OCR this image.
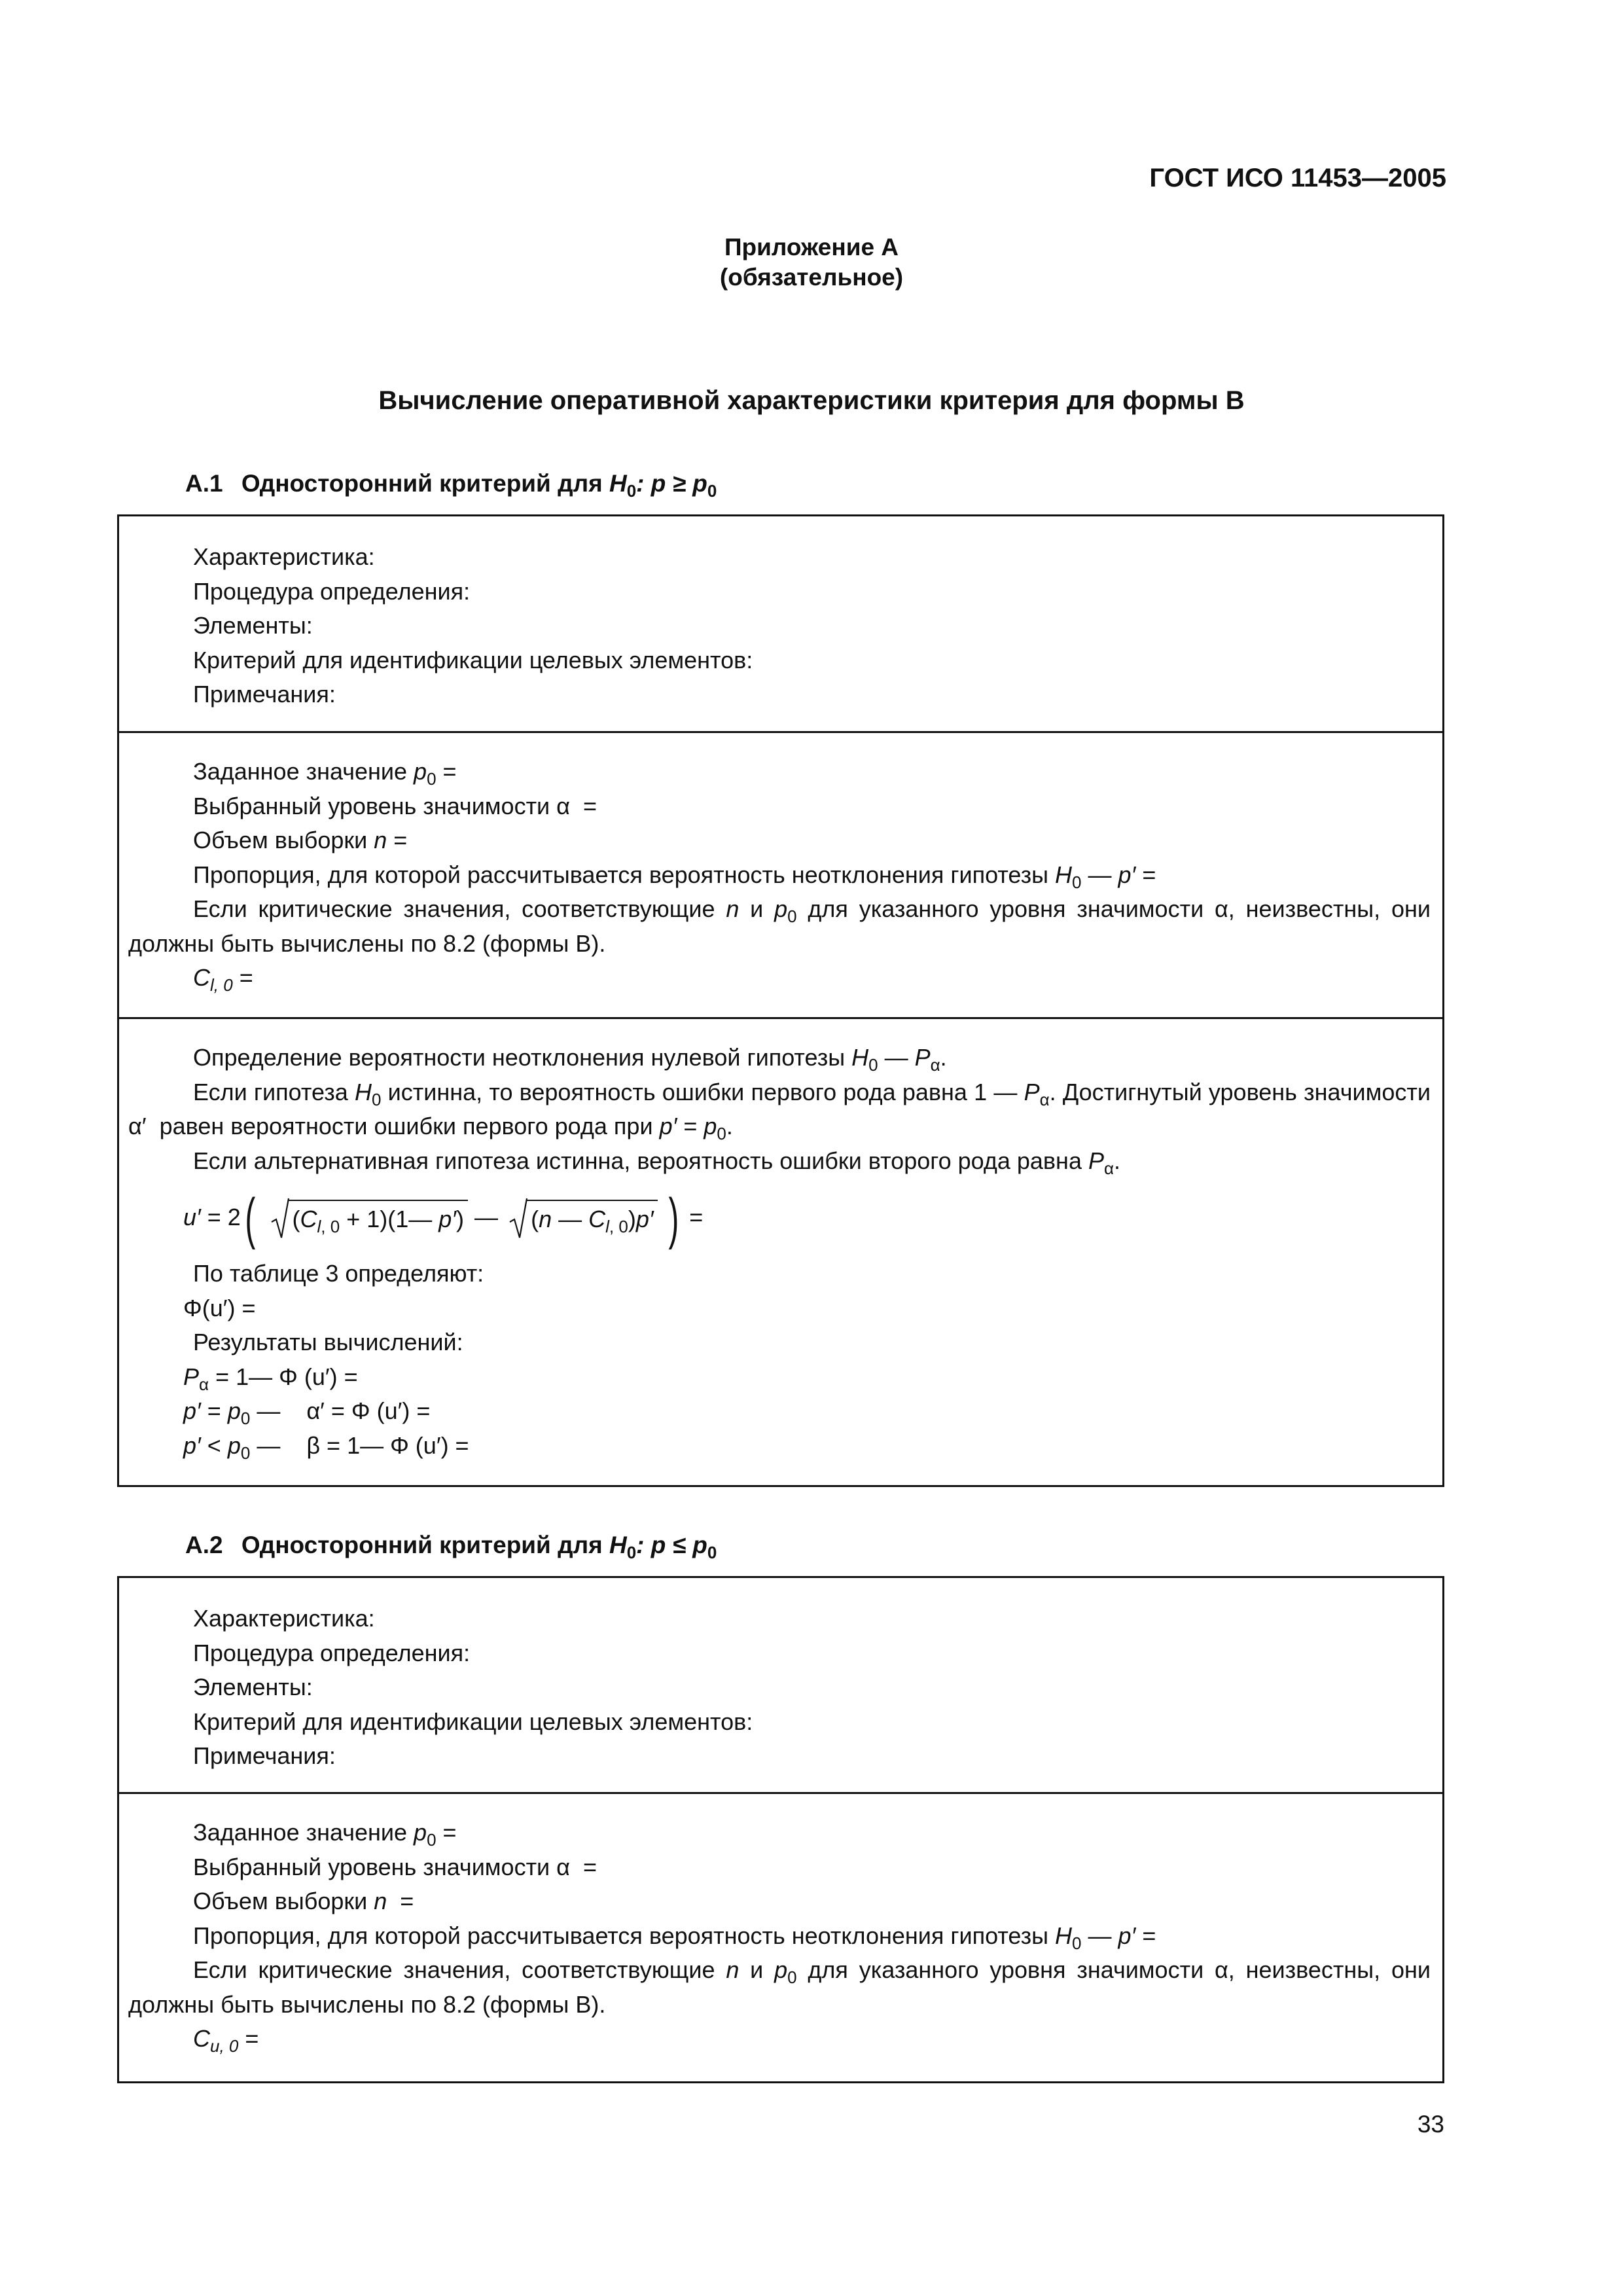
ГОСТ ИСО 11453—2005
Приложение А
(обязательное)
Вычисление оперативной характеристики критерия для формы В
А.1 Односторонний критерий для $H_0$: $p \ge p_0$
Характеристика:
Процедура определения:
Элементы:
Критерий для идентификации целевых элементов:
Примечания:
Заданное значение $p_0$ =
Выбранный уровень значимости α  =
Объем выборки n =
Пропорция, для которой рассчитывается вероятность неотклонения гипотезы $H_0$ — p′ =
Если критические значения, соответствующие n и $p_0$ для указанного уровня значимости α, неизвестны, они должны быть вычислены по 8.2 (формы В).
$C_{l, 0}$ =
Определение вероятности неотклонения нулевой гипотезы $H_0$ — $P_\alpha$.
Если гипотеза $H_0$ истинна, то вероятность ошибки первого рода равна 1 — $P_\alpha$. Достигнутый уровень значимости α′  равен вероятности ошибки первого рода при $p' = p_0$.
Если альтернативная гипотеза истинна, вероятность ошибки второго рода равна $P_\alpha$.
u′ = 2( ($C_{l, 0}$ + 1)(1— p′) —
(n — $C_{l, 0})p'$ ) =
По таблице 3 определяют:
Φ(u′) =
Результаты вычислений:
$P_\alpha$ = 1— Φ (u′) =
$p' = p_0$ —    α′ = Φ (u′) =
$p' < p_0$ —    β = 1— Φ (u′) =
А.2 Односторонний критерий для $H_0$: $p \le p_0$
Характеристика:
Процедура определения:
Элементы:
Критерий для идентификации целевых элементов:
Примечания:
Заданное значение $p_0$ =
Выбранный уровень значимости α  =
Объем выборки n  =
Пропорция, для которой рассчитывается вероятность неотклонения гипотезы $H_0$ — p′ =
Если критические значения, соответствующие n и $p_0$ для указанного уровня значимости α, неизвестны, они должны быть вычислены по 8.2 (формы В).
$C_{u, 0}$ =
33
